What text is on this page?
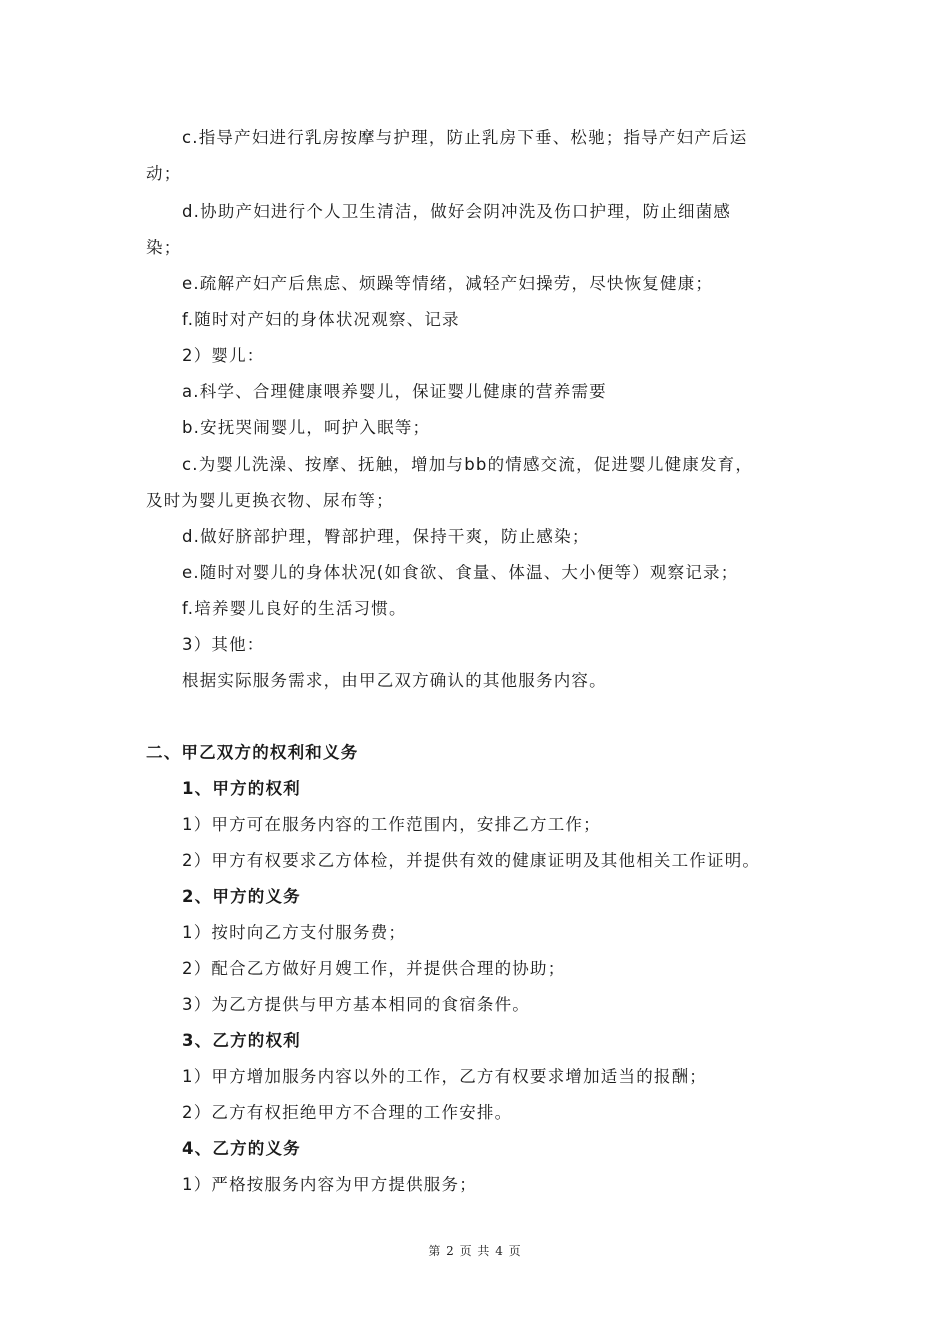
c.指导产妇进行乳房按摩与护理，防止乳房下垂、松驰；指导产妇产后运
动；
d.协助产妇进行个人卫生清洁，做好会阴冲洗及伤口护理，防止细菌感
染；
e.疏解产妇产后焦虑、烦躁等情绪，减轻产妇操劳，尽快恢复健康；
f.随时对产妇的身体状况观察、记录
2）婴儿：
a.科学、合理健康喂养婴儿，保证婴儿健康的营养需要
b.安抚哭闹婴儿，呵护入眠等；
c.为婴儿洗澡、按摩、抚触，增加与bb的情感交流，促进婴儿健康发育，
及时为婴儿更换衣物、尿布等；
d.做好脐部护理，臀部护理，保持干爽，防止感染；
e.随时对婴儿的身体状况(如食欲、食量、体温、大小便等）观察记录；
f.培养婴儿良好的生活习惯。
3）其他：
根据实际服务需求，由甲乙双方确认的其他服务内容。
二、甲乙双方的权利和义务
1、甲方的权利
1）甲方可在服务内容的工作范围内，安排乙方工作；
2）甲方有权要求乙方体检，并提供有效的健康证明及其他相关工作证明。
2、甲方的义务
1）按时向乙方支付服务费；
2）配合乙方做好月嫂工作，并提供合理的协助；
3）为乙方提供与甲方基本相同的食宿条件。
3、乙方的权利
1）甲方增加服务内容以外的工作，乙方有权要求增加适当的报酬；
2）乙方有权拒绝甲方不合理的工作安排。
4、乙方的义务
1）严格按服务内容为甲方提供服务；
第 2 页 共 4 页
